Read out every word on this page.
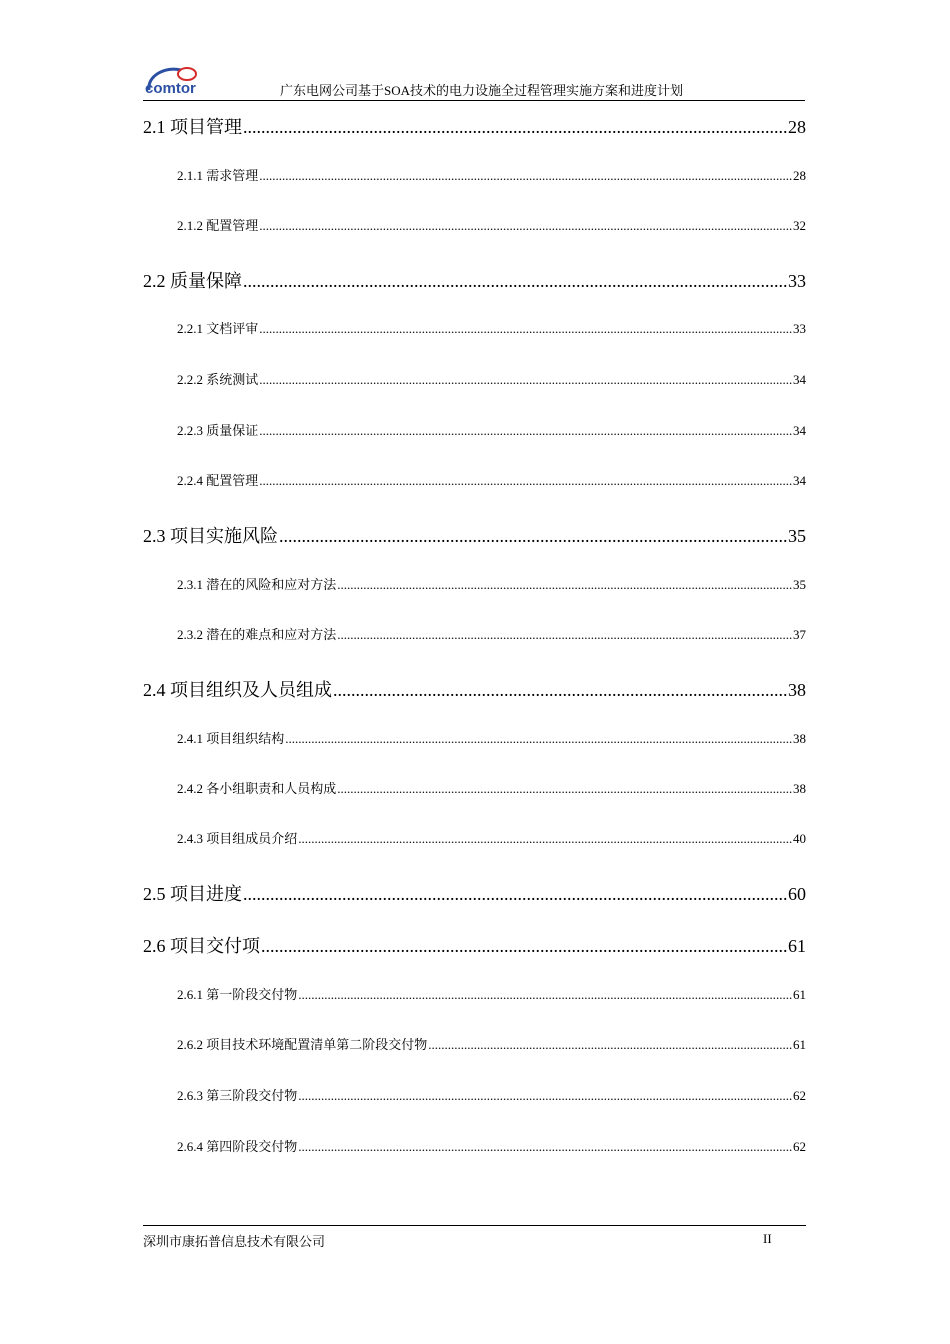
comtor	广东电网公司基于SOA技术的电力设施全过程管理实施方案和进度计划
2.1 项目管理 .....	28
2.1.1 需求管理 .....	28
2.1.2 配置管理 .....	32
2.2 质量保障 .....	33
2.2.1 文档评审 .....	33
2.2.2 系统测试 .....	34
2.2.3 质量保证 .....	34
2.2.4 配置管理 .....	34
2.3 项目实施风险 .....	35
2.3.1 潜在的风险和应对方法 .....	35
2.3.2 潜在的难点和应对方法 .....	37
2.4 项目组织及人员组成 .....	38
2.4.1 项目组织结构 .....	38
2.4.2 各小组职责和人员构成 .....	38
2.4.3 项目组成员介绍 .....	40
2.5 项目进度 .....	60
2.6 项目交付项 .....	61
2.6.1 第一阶段交付物 .....	61
2.6.2 项目技术环境配置清单第二阶段交付物 .....	61
2.6.3 第三阶段交付物 .....	62
2.6.4 第四阶段交付物 .....	62
深圳市康拓普信息技术有限公司	II
